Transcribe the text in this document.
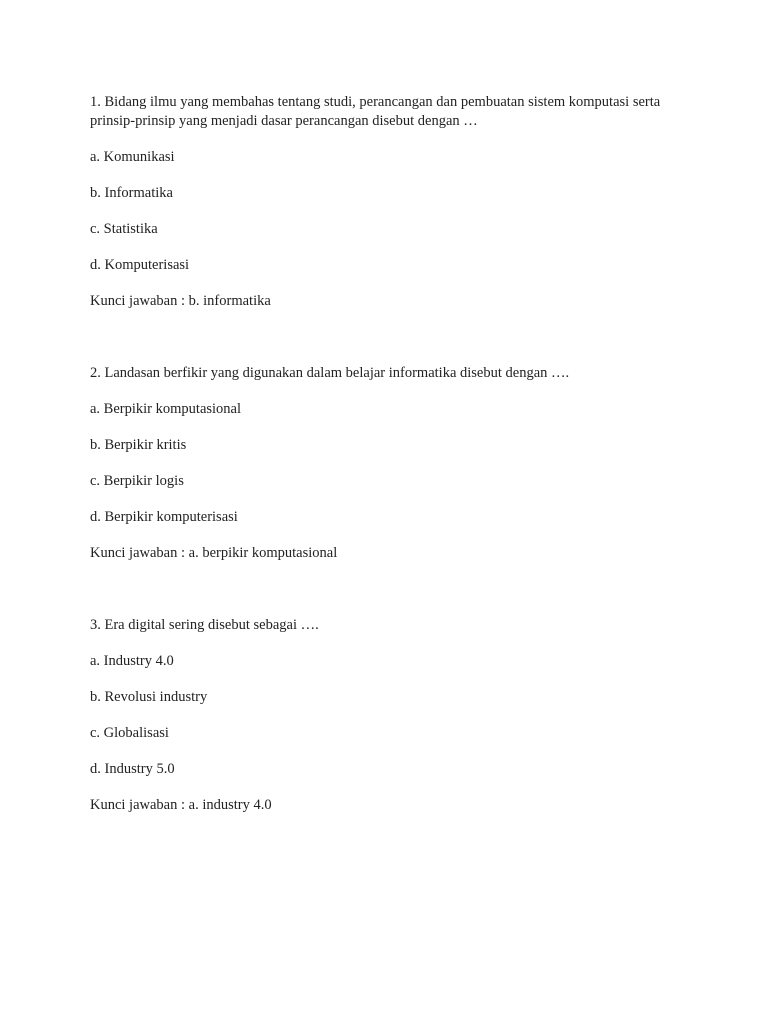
1. Bidang ilmu yang membahas tentang studi, perancangan dan pembuatan sistem komputasi serta prinsip-prinsip yang menjadi dasar perancangan disebut dengan …

a. Komunikasi

b. Informatika

c. Statistika

d. Komputerisasi

Kunci jawaban : b. informatika

2. Landasan berfikir yang digunakan dalam belajar informatika disebut dengan ….

a. Berpikir komputasional

b. Berpikir kritis

c. Berpikir logis

d. Berpikir komputerisasi

Kunci jawaban : a. berpikir komputasional

3. Era digital sering disebut sebagai ….

a. Industry 4.0

b. Revolusi industry

c. Globalisasi

d. Industry 5.0

Kunci jawaban : a. industry 4.0
